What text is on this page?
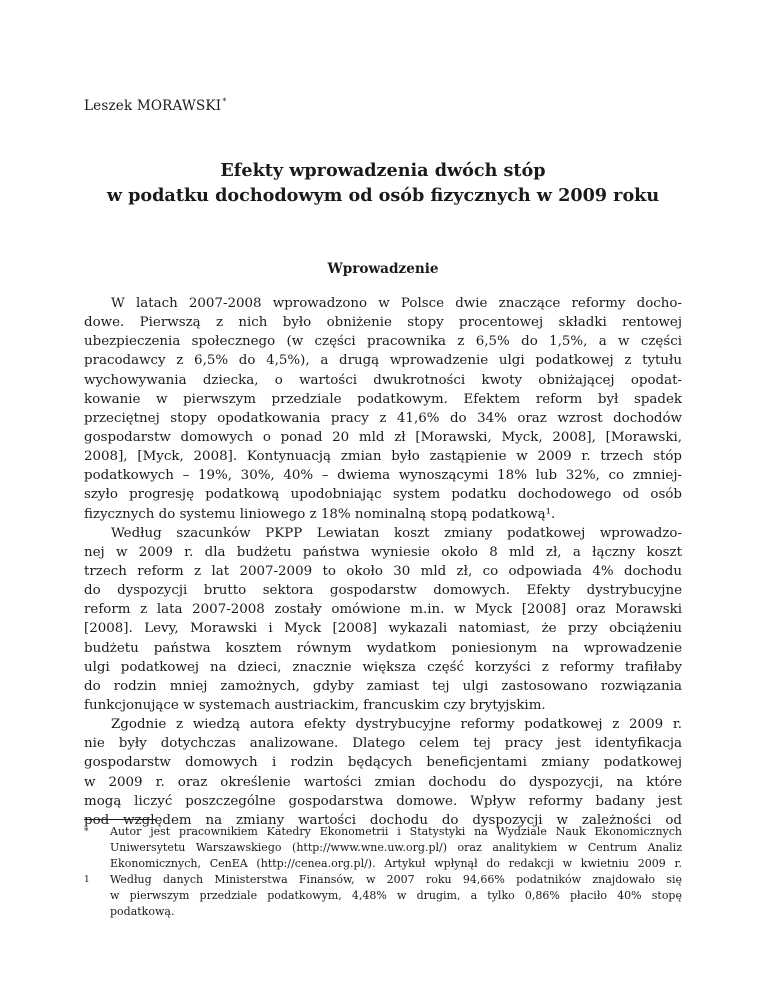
Leszek MORAWSKI*
Efekty wprowadzenia dwóch stóp
w podatku dochodowym od osób fizycznych w 2009 roku
Wprowadzenie
W latach 2007-2008 wprowadzono w Polsce dwie znaczące reformy docho-
dowe. Pierwszą z nich było obniżenie stopy procentowej składki rentowej
ubezpieczenia społecznego (w części pracownika z 6,5% do 1,5%, a w części
pracodawcy z 6,5% do 4,5%), a drugą wprowadzenie ulgi podatkowej z tytułu
wychowywania dziecka, o wartości dwukrotności kwoty obniżającej opodat-
kowanie w pierwszym przedziale podatkowym. Efektem reform był spadek
przeciętnej stopy opodatkowania pracy z 41,6% do 34% oraz wzrost dochodów
gospodarstw domowych o ponad 20 mld zł [Morawski, Myck, 2008], [Morawski,
2008], [Myck, 2008]. Kontynuacją zmian było zastąpienie w 2009 r. trzech stóp
podatkowych – 19%, 30%, 40% – dwiema wynoszącymi 18% lub 32%, co zmniej-
szyło progresję podatkową upodobniając system podatku dochodowego od osób
fizycznych do systemu liniowego z 18% nominalną stopą podatkową¹.
Według szacunków PKPP Lewiatan koszt zmiany podatkowej wprowadzo-
nej w 2009 r. dla budżetu państwa wyniesie około 8 mld zł, a łączny koszt
trzech reform z lat 2007-2009 to około 30 mld zł, co odpowiada 4% dochodu
do dyspozycji brutto sektora gospodarstw domowych. Efekty dystrybucyjne
reform z lata 2007-2008 zostały omówione m.in. w Myck [2008] oraz Morawski
[2008]. Levy, Morawski i Myck [2008] wykazali natomiast, że przy obciążeniu
budżetu państwa kosztem równym wydatkom poniesionym na wprowadzenie
ulgi podatkowej na dzieci, znacznie większa część korzyści z reformy trafiłaby
do rodzin mniej zamożnych, gdyby zamiast tej ulgi zastosowano rozwiązania
funkcjonujące w systemach austriackim, francuskim czy brytyjskim.
Zgodnie z wiedzą autora efekty dystrybucyjne reformy podatkowej z 2009 r.
nie były dotychczas analizowane. Dlatego celem tej pracy jest identyfikacja
gospodarstw domowych i rodzin będących beneficjentami zmiany podatkowej
w 2009 r. oraz określenie wartości zmian dochodu do dyspozycji, na które
mogą liczyć poszczególne gospodarstwa domowe. Wpływ reformy badany jest
pod względem na zmiany wartości dochodu do dyspozycji w zależności od
* Autor jest pracownikiem Katedry Ekonometrii i Statystyki na Wydziale Nauk Ekonomicznych
Uniwersytetu Warszawskiego (http://www.wne.uw.org.pl/) oraz analitykiem w Centrum Analiz
Ekonomicznych, CenEA (http://cenea.org.pl/). Artykuł wpłynął do redakcji w kwietniu 2009 r.
1 Według danych Ministerstwa Finansów, w 2007 roku 94,66% podatników znajdowało się
w pierwszym przedziale podatkowym, 4,48% w drugim, a tylko 0,86% płaciło 40% stopę
podatkową.
